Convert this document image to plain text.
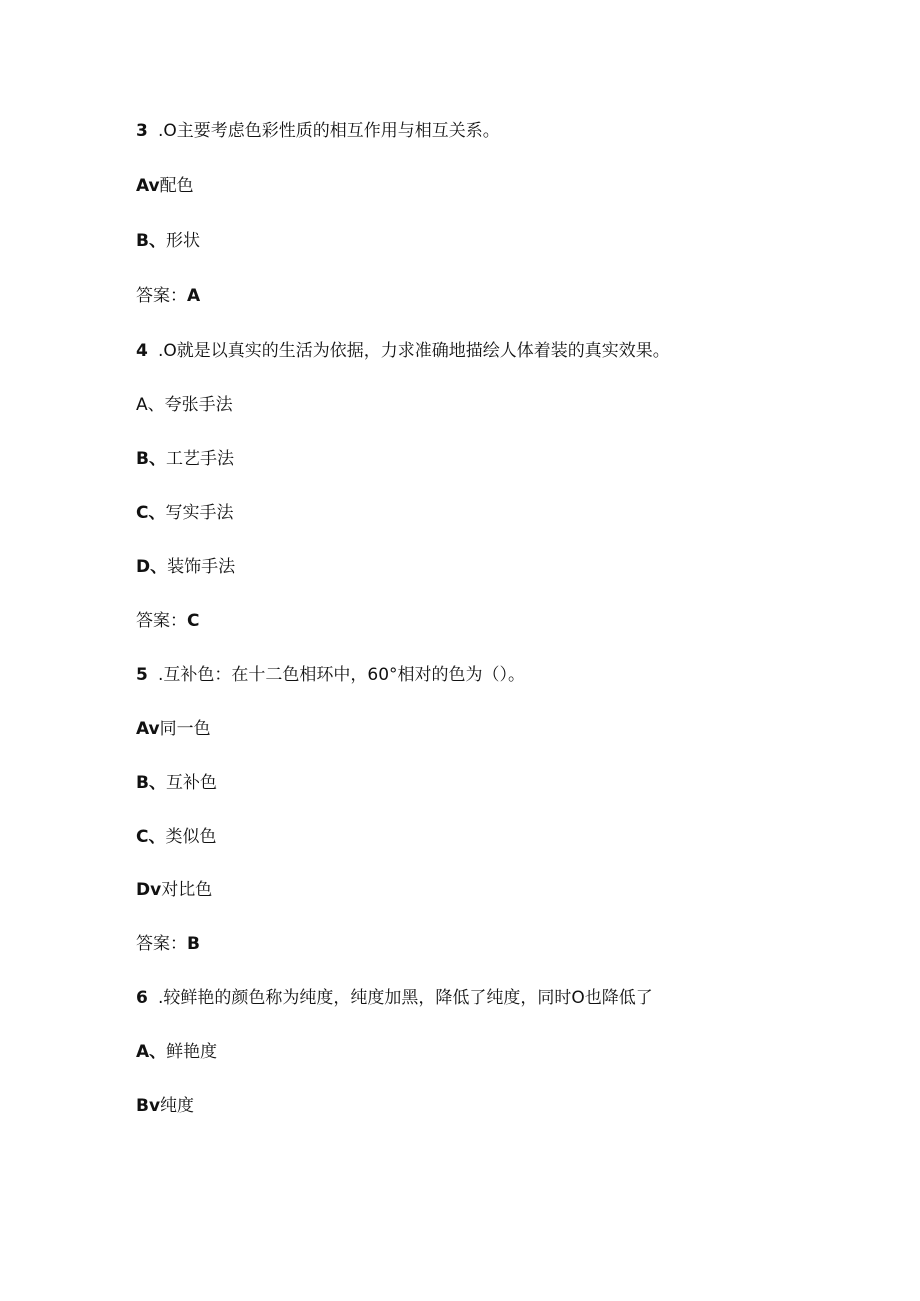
3 .O主要考虑色彩性质的相互作用与相互关系。
Av配色
B、形状
答案：A
4 .O就是以真实的生活为依据，力求准确地描绘人体着装的真实效果。
A、夸张手法
B、工艺手法
C、写实手法
D、装饰手法
答案：C
5 .互补色：在十二色相环中，60°相对的色为（）。
Av同一色
B、互补色
C、类似色
Dv对比色
答案：B
6 .较鲜艳的颜色称为纯度，纯度加黑，降低了纯度，同时O也降低了
A、鲜艳度
Bv纯度
